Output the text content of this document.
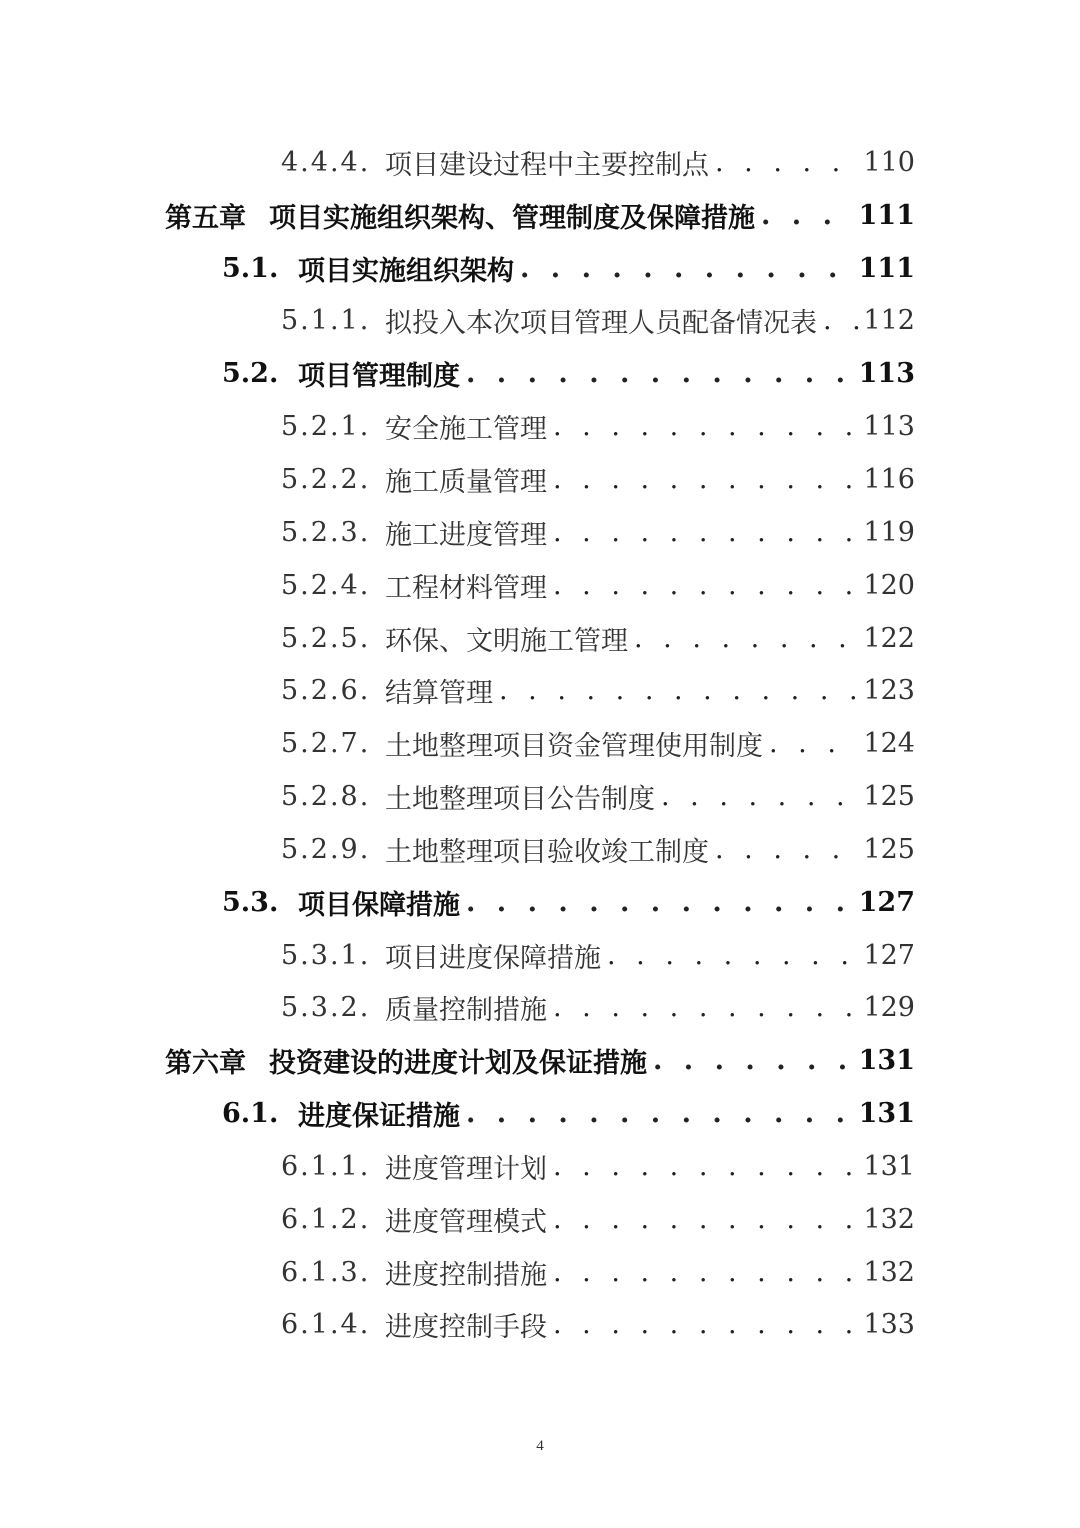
4.4.4. 项目建设过程中主要控制点 . . .	110
第五章 项目实施组织架构、管理制度及保障措施 . . .	111
5.1. 项目实施组织架构 . . .	111
5.1.1. 拟投入本次项目管理人员配备情况表 . . . 112
5.2. 项目管理制度 . . .	113
5.2.1. 安全施工管理 . . .	113
5.2.2. 施工质量管理 . . .	116
5.2.3. 施工进度管理 . . .	119
5.2.4. 工程材料管理 . . .	120
5.2.5. 环保、文明施工管理 . . .	122
5.2.6. 结算管理 . . .	123
5.2.7. 土地整理项目资金管理使用制度 . . .	124
5.2.8. 土地整理项目公告制度 . . .	125
5.2.9. 土地整理项目验收竣工制度 . . .	125
5.3. 项目保障措施 . . .	127
5.3.1. 项目进度保障措施 . . .	127
5.3.2. 质量控制措施 . . .	129
第六章 投资建设的进度计划及保证措施 . . .	131
6.1. 进度保证措施 . . .	131
6.1.1. 进度管理计划 . . .	131
6.1.2. 进度管理模式 . . .	132
6.1.3. 进度控制措施 . . .	132
6.1.4. 进度控制手段 . . .	133
4
